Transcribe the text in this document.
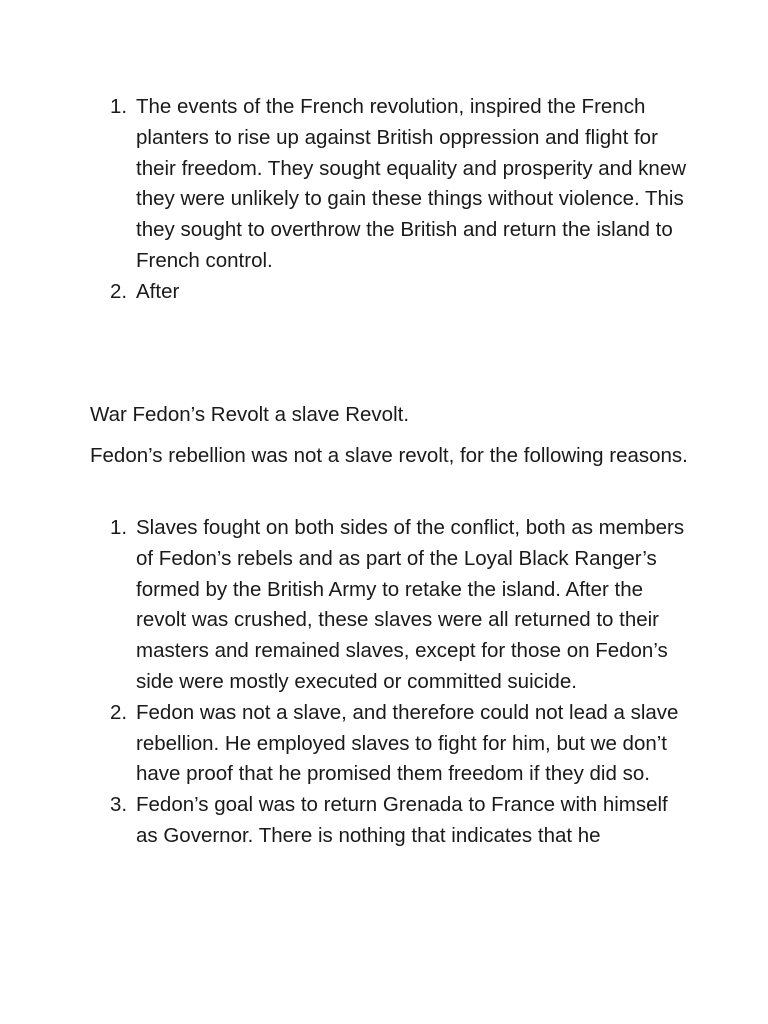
1. The events of the French revolution, inspired the French planters to rise up against British oppression and flight for their freedom. They sought equality and prosperity and knew they were unlikely to gain these things without violence. This they sought to overthrow the British and return the island to French control.
2. After

War Fedon’s Revolt a slave Revolt.

Fedon’s rebellion was not a slave revolt, for the following reasons.

1. Slaves fought on both sides of the conflict, both as members of Fedon’s rebels and as part of the Loyal Black Ranger’s formed by the British Army to retake the island. After the revolt was crushed, these slaves were all returned to their masters and remained slaves, except for those on Fedon’s side were mostly executed or committed suicide.
2. Fedon was not a slave, and therefore could not lead a slave rebellion. He employed slaves to fight for him, but we don’t have proof that he promised them freedom if they did so.
3. Fedon’s goal was to return Grenada to France with himself as Governor. There is nothing that indicates that he
